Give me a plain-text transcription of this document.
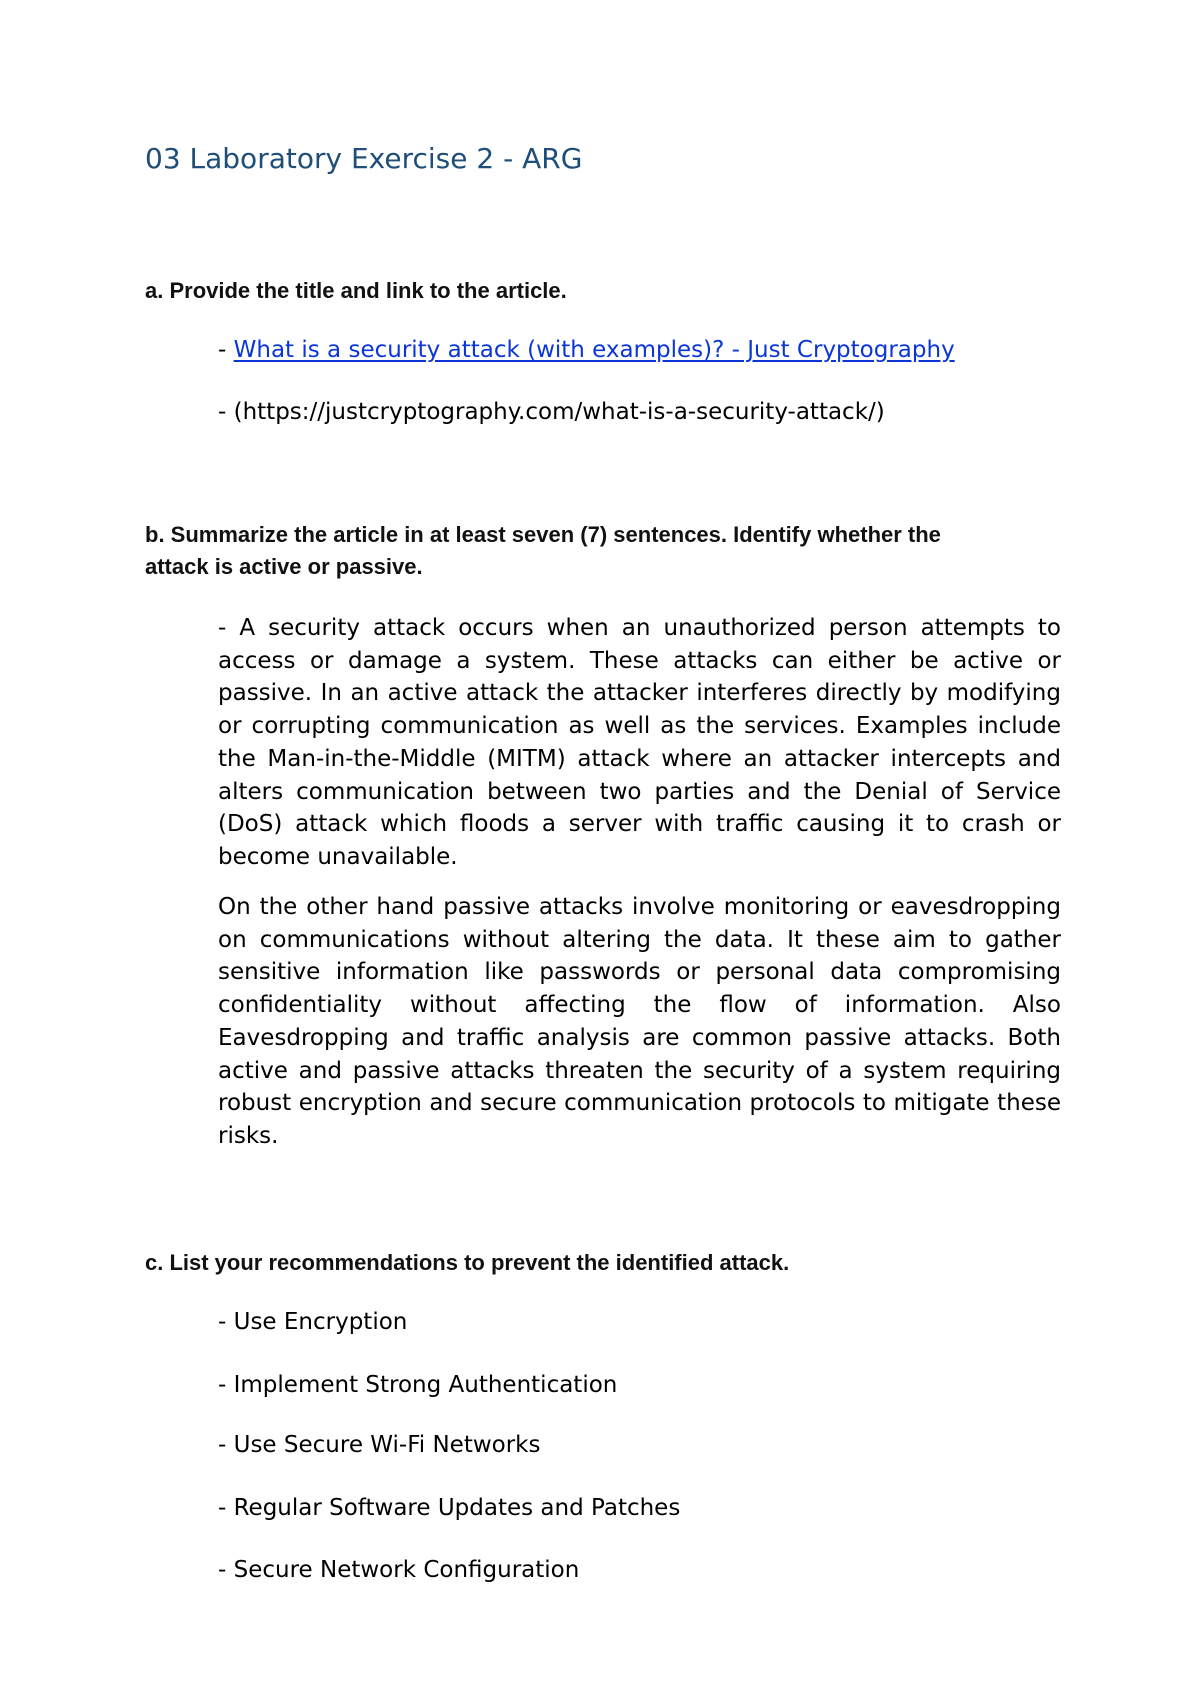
03 Laboratory Exercise 2 - ARG
a. Provide the title and link to the article.
- What is a security attack (with examples)? - Just Cryptography
- (https://justcryptography.com/what-is-a-security-attack/)
b. Summarize the article in at least seven (7) sentences. Identify whether the attack is active or passive.

- A security attack occurs when an unauthorized person attempts to access or damage a system. These attacks can either be active or passive. In an active attack the attacker interferes directly by modifying or corrupting communication as well as the services. Examples include the Man-in-the-Middle (MITM) attack where an attacker intercepts and alters communication between two parties and the Denial of Service (DoS) attack which floods a server with traffic causing it to crash or become unavailable.

On the other hand passive attacks involve monitoring or eavesdropping on communications without altering the data. It these aim to gather sensitive information like passwords or personal data compromising confidentiality without affecting the flow of information. Also Eavesdropping and traffic analysis are common passive attacks. Both active and passive attacks threaten the security of a system requiring robust encryption and secure communication protocols to mitigate these risks.

c. List your recommendations to prevent the identified attack.
- Use Encryption
- Implement Strong Authentication
- Use Secure Wi-Fi Networks
- Regular Software Updates and Patches
- Secure Network Configuration
